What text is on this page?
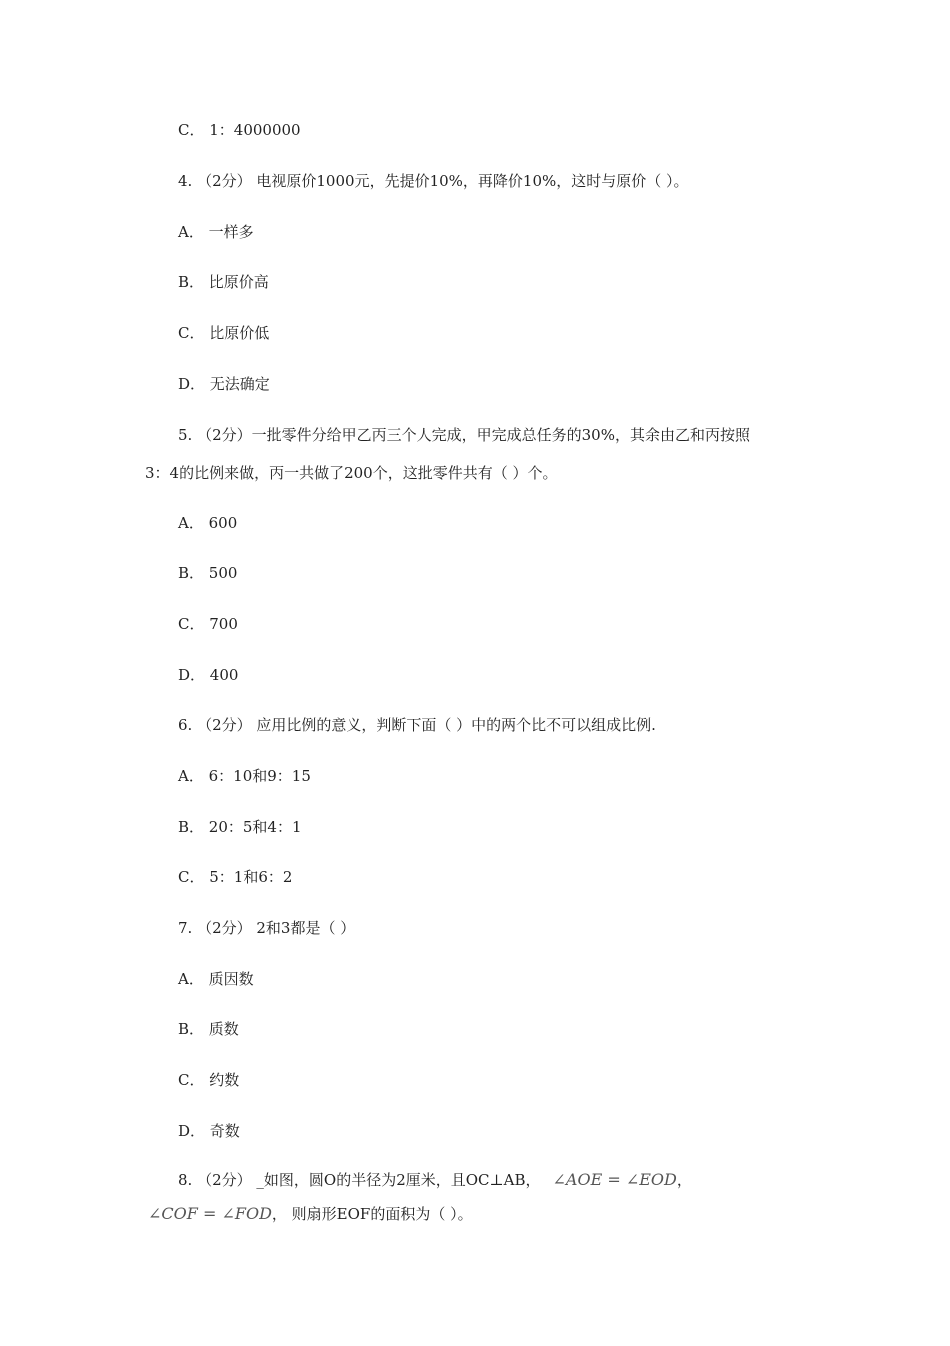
C． 1：4000000
4. （2分） 电视原价1000元，先提价10%，再降价10%，这时与原价（ ）。
A． 一样多
B． 比原价高
C． 比原价低
D． 无法确定
5. （2分）一批零件分给甲乙丙三个人完成，甲完成总任务的30%，其余由乙和丙按照
3：4的比例来做，丙一共做了200个，这批零件共有（ ）个。
A． 600
B． 500
C． 700
D． 400
6. （2分） 应用比例的意义，判断下面（ ）中的两个比不可以组成比例.
A． 6：10和9：15
B． 20：5和4：1
C． 5：1和6：2
7. （2分） 2和3都是（ ）
A． 质因数
B． 质数
C． 约数
D． 奇数
8. （2分） _如图，圆O的半径为2厘米，且OC⊥AB， ∠AOE = ∠EOD，
∠COF = ∠FOD， 则扇形EOF的面积为（ ）。
